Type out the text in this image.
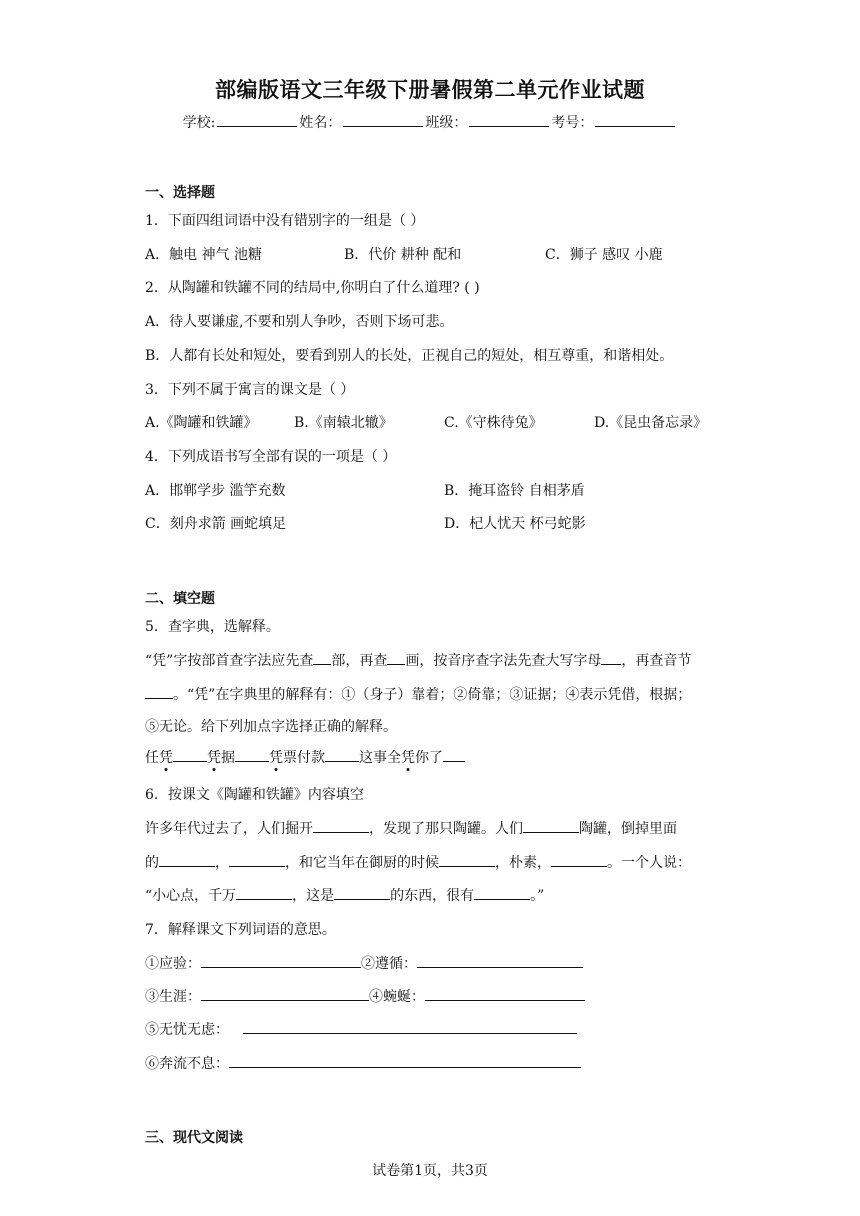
部编版语文三年级下册暑假第二单元作业试题
学校:	姓名：	班级：	考号：
一、选择题
1．下面四组词语中没有错别字的一组是（ ）
A．触电 神气 池糖	B．代价 耕种 配和	C．狮子 感叹 小鹿
2．从陶罐和铁罐不同的结局中,你明白了什么道理? ( )
A．待人要谦虚,不要和别人争吵，否则下场可悲。
B．人都有长处和短处，要看到别人的长处，正视自己的短处，相互尊重，和谐相处。
3．下列不属于寓言的课文是（ ）
A.《陶罐和铁罐》	B.《南辕北辙》	C.《守株待兔》	D.《昆虫备忘录》
4．下列成语书写全部有误的一项是（ ）
A．邯郸学步 滥竽充数	B．掩耳盗铃 自相茅盾
C．刻舟求箭 画蛇填足	D．杞人忧天 杯弓蛇影
二、填空题
5．查字典，选解释。
“凭”字按部首查字法应先查 部，再查 画，按音序查字法先查大写字母 ，再查音节
。“凭”在字典里的解释有：①（身子）靠着；②倚靠；③证据；④表示凭借，根据；
⑤无论。给下列加点字选择正确的解释。
任凭 凭据 凭票付款 这事全凭你了
6．按课文《陶罐和铁罐》内容填空
许多年代过去了，人们掘开	，发现了那只陶罐。人们	陶罐，倒掉里面
的	，	，和它当年在御厨的时候	，朴素，	。一个人说：
“小心点，千万	，这是	的东西，很有	。”
7．解释课文下列词语的意思。
①应验：	②遵循：
③生涯：	④蜿蜒：
⑤无忧无虑：
⑥奔流不息：
三、现代文阅读
试卷第1页，共3页
